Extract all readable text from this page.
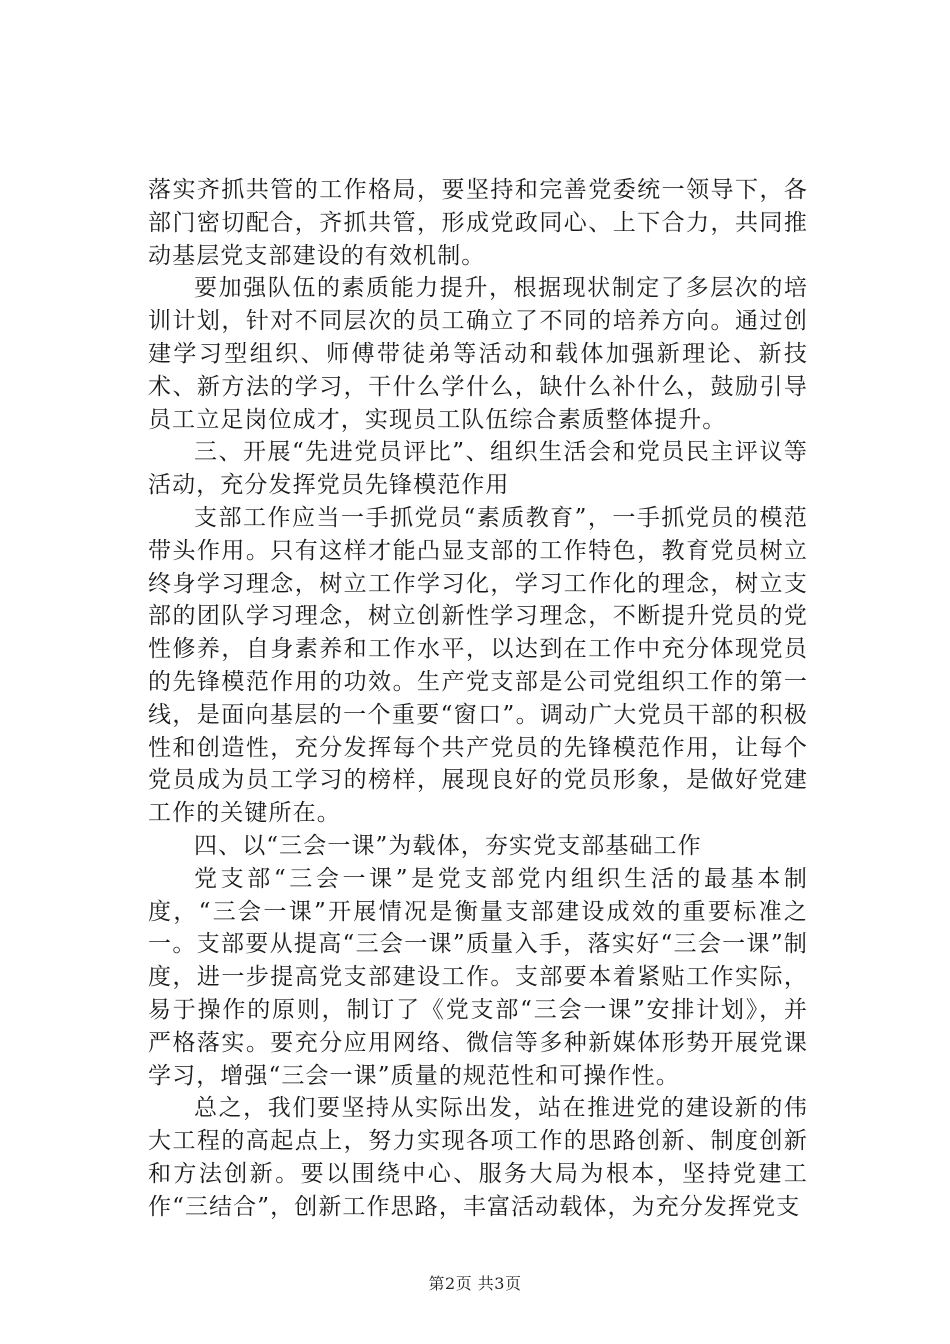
落实齐抓共管的工作格局，要坚持和完善党委统一领导下，各部门密切配合，齐抓共管，形成党政同心、上下合力，共同推动基层党支部建设的有效机制。

要加强队伍的素质能力提升，根据现状制定了多层次的培训计划，针对不同层次的员工确立了不同的培养方向。通过创建学习型组织、师傅带徒弟等活动和载体加强新理论、新技术、新方法的学习，干什么学什么，缺什么补什么，鼓励引导员工立足岗位成才，实现员工队伍综合素质整体提升。

三、开展“先进党员评比”、组织生活会和党员民主评议等活动，充分发挥党员先锋模范作用

支部工作应当一手抓党员“素质教育”，一手抓党员的模范带头作用。只有这样才能凸显支部的工作特色，教育党员树立终身学习理念，树立工作学习化，学习工作化的理念，树立支部的团队学习理念，树立创新性学习理念，不断提升党员的党性修养，自身素养和工作水平，以达到在工作中充分体现党员的先锋模范作用的功效。生产党支部是公司党组织工作的第一线，是面向基层的一个重要“窗口”。调动广大党员干部的积极性和创造性，充分发挥每个共产党员的先锋模范作用，让每个党员成为员工学习的榜样，展现良好的党员形象，是做好党建工作的关键所在。

四、以“三会一课”为载体，夯实党支部基础工作

党支部“三会一课”是党支部党内组织生活的最基本制度，“三会一课”开展情况是衡量支部建设成效的重要标准之一。支部要从提高“三会一课”质量入手，落实好“三会一课”制度，进一步提高党支部建设工作。支部要本着紧贴工作实际，易于操作的原则，制订了《党支部“三会一课”安排计划》，并严格落实。要充分应用网络、微信等多种新媒体形势开展党课学习，增强“三会一课”质量的规范性和可操作性。

总之，我们要坚持从实际出发，站在推进党的建设新的伟大工程的高起点上，努力实现各项工作的思路创新、制度创新和方法创新。要以围绕中心、服务大局为根本，坚持党建工作“三结合”，创新工作思路，丰富活动载体，为充分发挥党支

第2页 共3页
